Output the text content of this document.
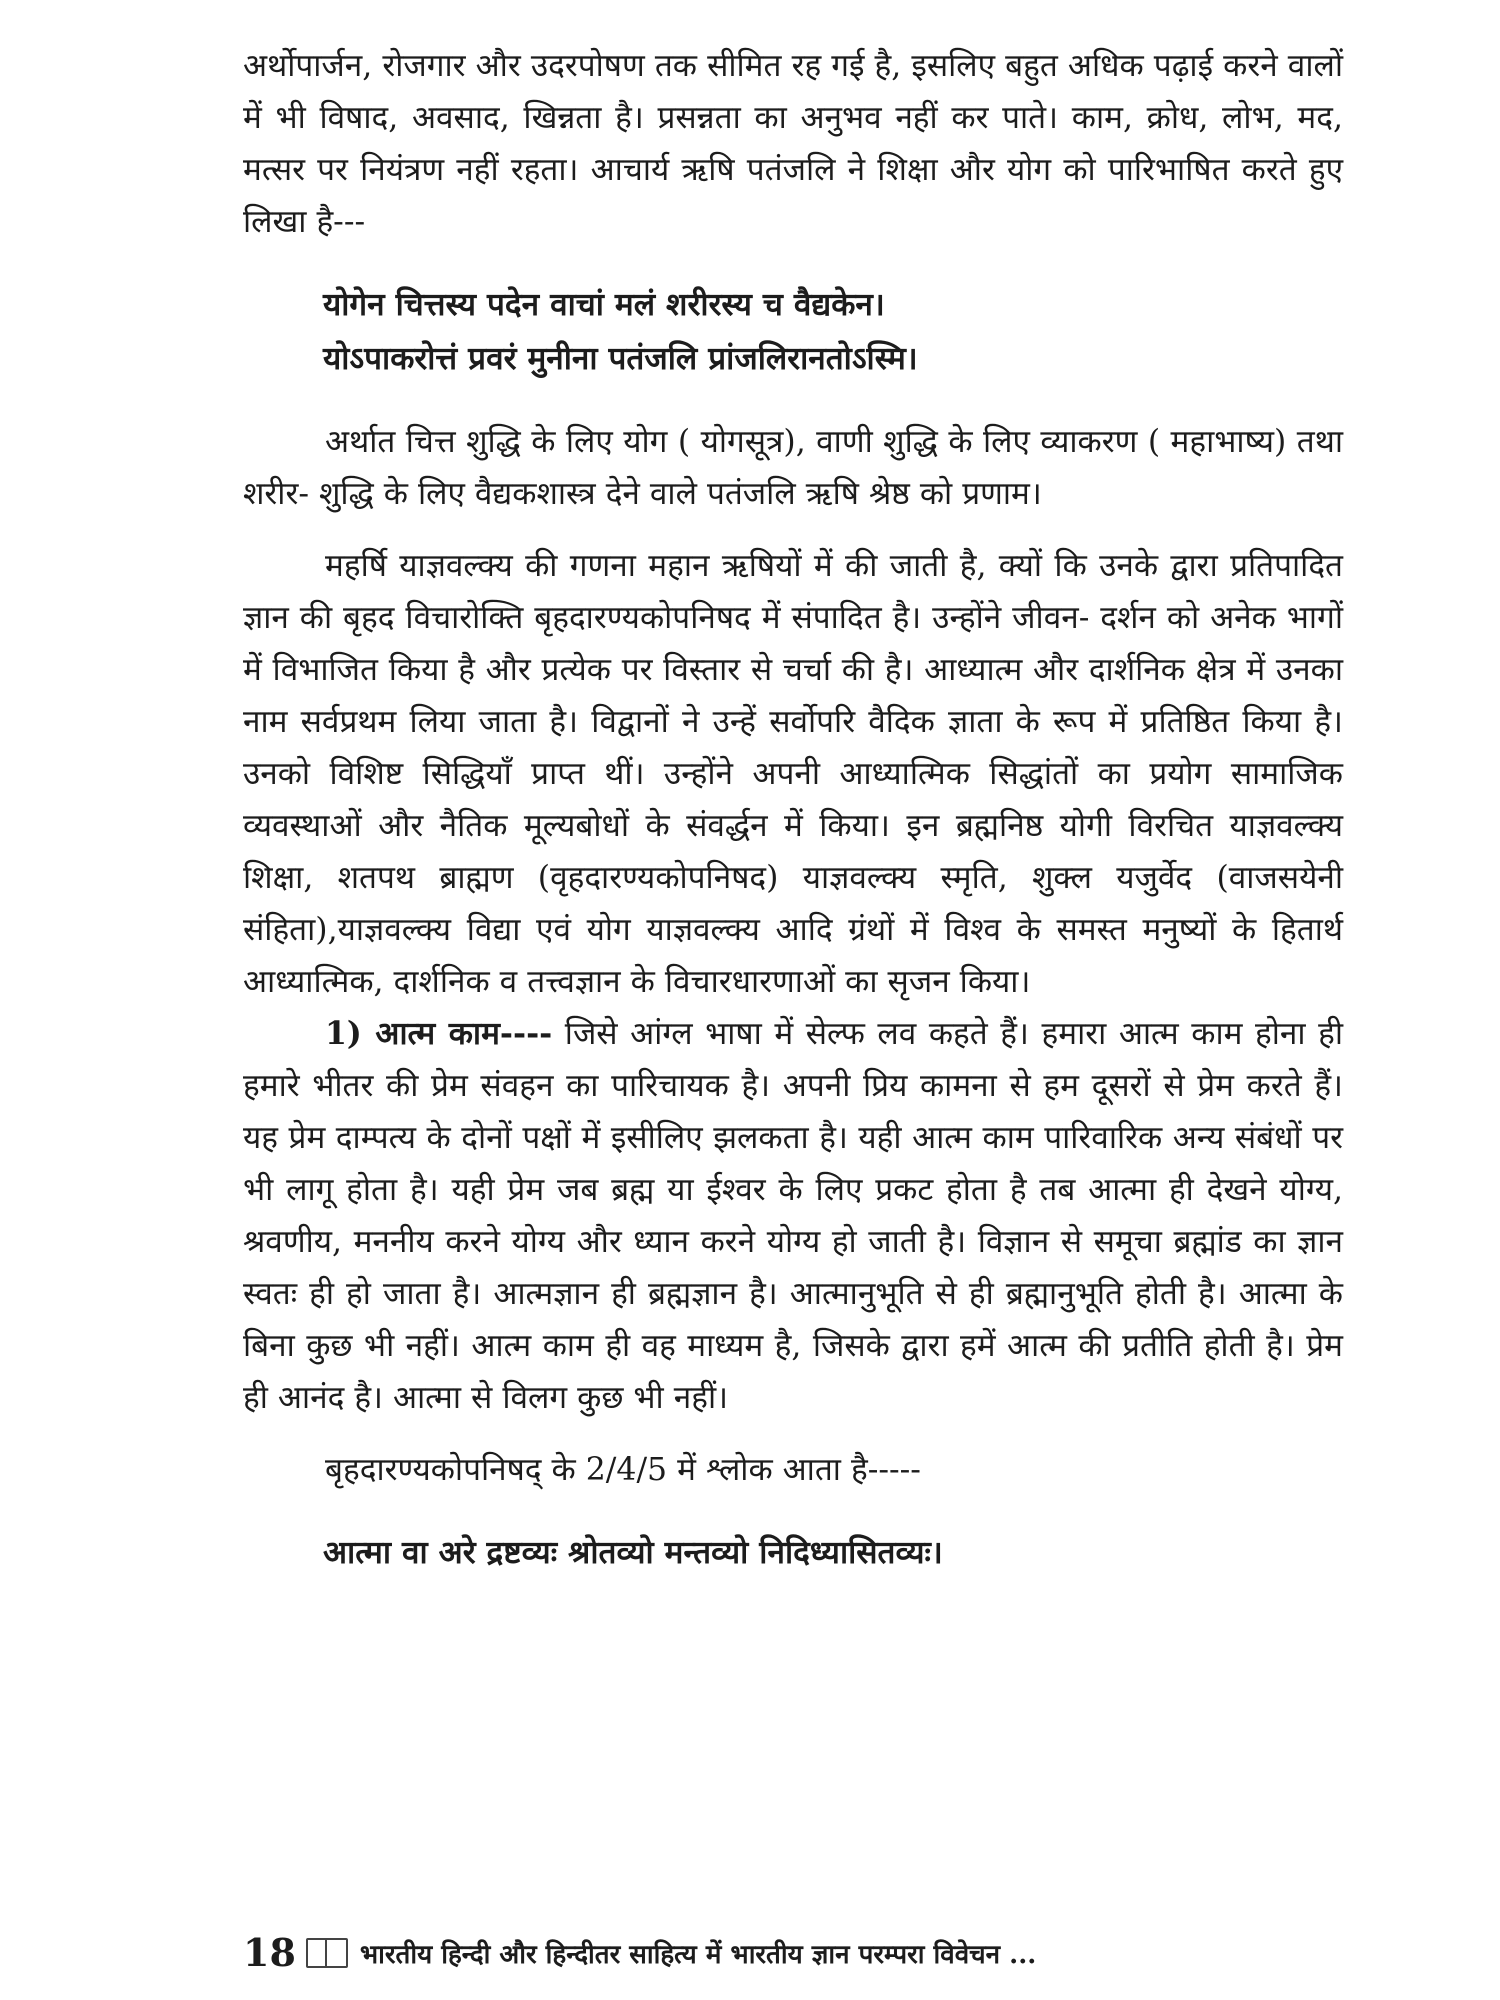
अर्थोपार्जन, रोजगार और उदरपोषण तक सीमित रह गई है, इसलिए बहुत अधिक पढ़ाई करने वालों में भी विषाद, अवसाद, खिन्नता है। प्रसन्नता का अनुभव नहीं कर पाते। काम, क्रोध, लोभ, मद, मत्सर पर नियंत्रण नहीं रहता। आचार्य ऋषि पतंजलि ने शिक्षा और योग को पारिभाषित करते हुए लिखा है---

योगेन चित्तस्य पदेन वाचां मलं शरीरस्य च वैद्यकेन।
योऽपाकरोत्तं प्रवरं मुनीना पतंजलि प्रांजलिरानतोऽस्मि।

अर्थात चित्त शुद्धि के लिए योग ( योगसूत्र), वाणी शुद्धि के लिए व्याकरण ( महाभाष्य) तथा शरीर- शुद्धि के लिए वैद्यकशास्त्र देने वाले पतंजलि ऋषि श्रेष्ठ को प्रणाम।

महर्षि याज्ञवल्क्य की गणना महान ऋषियों में की जाती है, क्यों कि उनके द्वारा प्रतिपादित ज्ञान की बृहद विचारोक्ति बृहदारण्यकोपनिषद में संपादित है। उन्होंने जीवन- दर्शन को अनेक भागों में विभाजित किया है और प्रत्येक पर विस्तार से चर्चा की है। आध्यात्म और दार्शनिक क्षेत्र में उनका नाम सर्वप्रथम लिया जाता है। विद्वानों ने उन्हें सर्वोपरि वैदिक ज्ञाता के रूप में प्रतिष्ठित किया है। उनको विशिष्ट सिद्धियाँ प्राप्त थीं। उन्होंने अपनी आध्यात्मिक सिद्धांतों का प्रयोग सामाजिक व्यवस्थाओं और नैतिक मूल्यबोधों के संवर्द्धन में किया। इन ब्रह्मनिष्ठ योगी विरचित याज्ञवल्क्य शिक्षा, शतपथ ब्राह्मण (वृहदारण्यकोपनिषद) याज्ञवल्क्य स्मृति, शुक्ल यजुर्वेद (वाजसयेनी संहिता),याज्ञवल्क्य विद्या एवं योग याज्ञवल्क्य आदि ग्रंथों में विश्व के समस्त मनुष्यों के हितार्थ आध्यात्मिक, दार्शनिक व तत्त्वज्ञान के विचारधारणाओं का सृजन किया।

1) आत्म काम---- जिसे आंग्ल भाषा में सेल्फ लव कहते हैं। हमारा आत्म काम होना ही हमारे भीतर की प्रेम संवहन का पारिचायक है। अपनी प्रिय कामना से हम दूसरों से प्रेम करते हैं। यह प्रेम दाम्पत्य के दोनों पक्षों में इसीलिए झलकता है। यही आत्म काम पारिवारिक अन्य संबंधों पर भी लागू होता है। यही प्रेम जब ब्रह्म या ईश्वर के लिए प्रकट होता है तब आत्मा ही देखने योग्य, श्रवणीय, मननीय करने योग्य और ध्यान करने योग्य हो जाती है। विज्ञान से समूचा ब्रह्मांड का ज्ञान स्वतः ही हो जाता है। आत्मज्ञान ही ब्रह्मज्ञान है। आत्मानुभूति से ही ब्रह्मानुभूति होती है। आत्मा के बिना कुछ भी नहीं। आत्म काम ही वह माध्यम है, जिसके द्वारा हमें आत्म की प्रतीति होती है। प्रेम ही आनंद है। आत्मा से विलग कुछ भी नहीं।

बृहदारण्यकोपनिषद् के 2/4/5 में श्लोक आता है-----

आत्मा वा अरे द्रष्टव्यः श्रोतव्यो मन्तव्यो निदिध्यासितव्यः।
18 भारतीय हिन्दी और हिन्दीतर साहित्य में भारतीय ज्ञान परम्परा विवेचन ...
